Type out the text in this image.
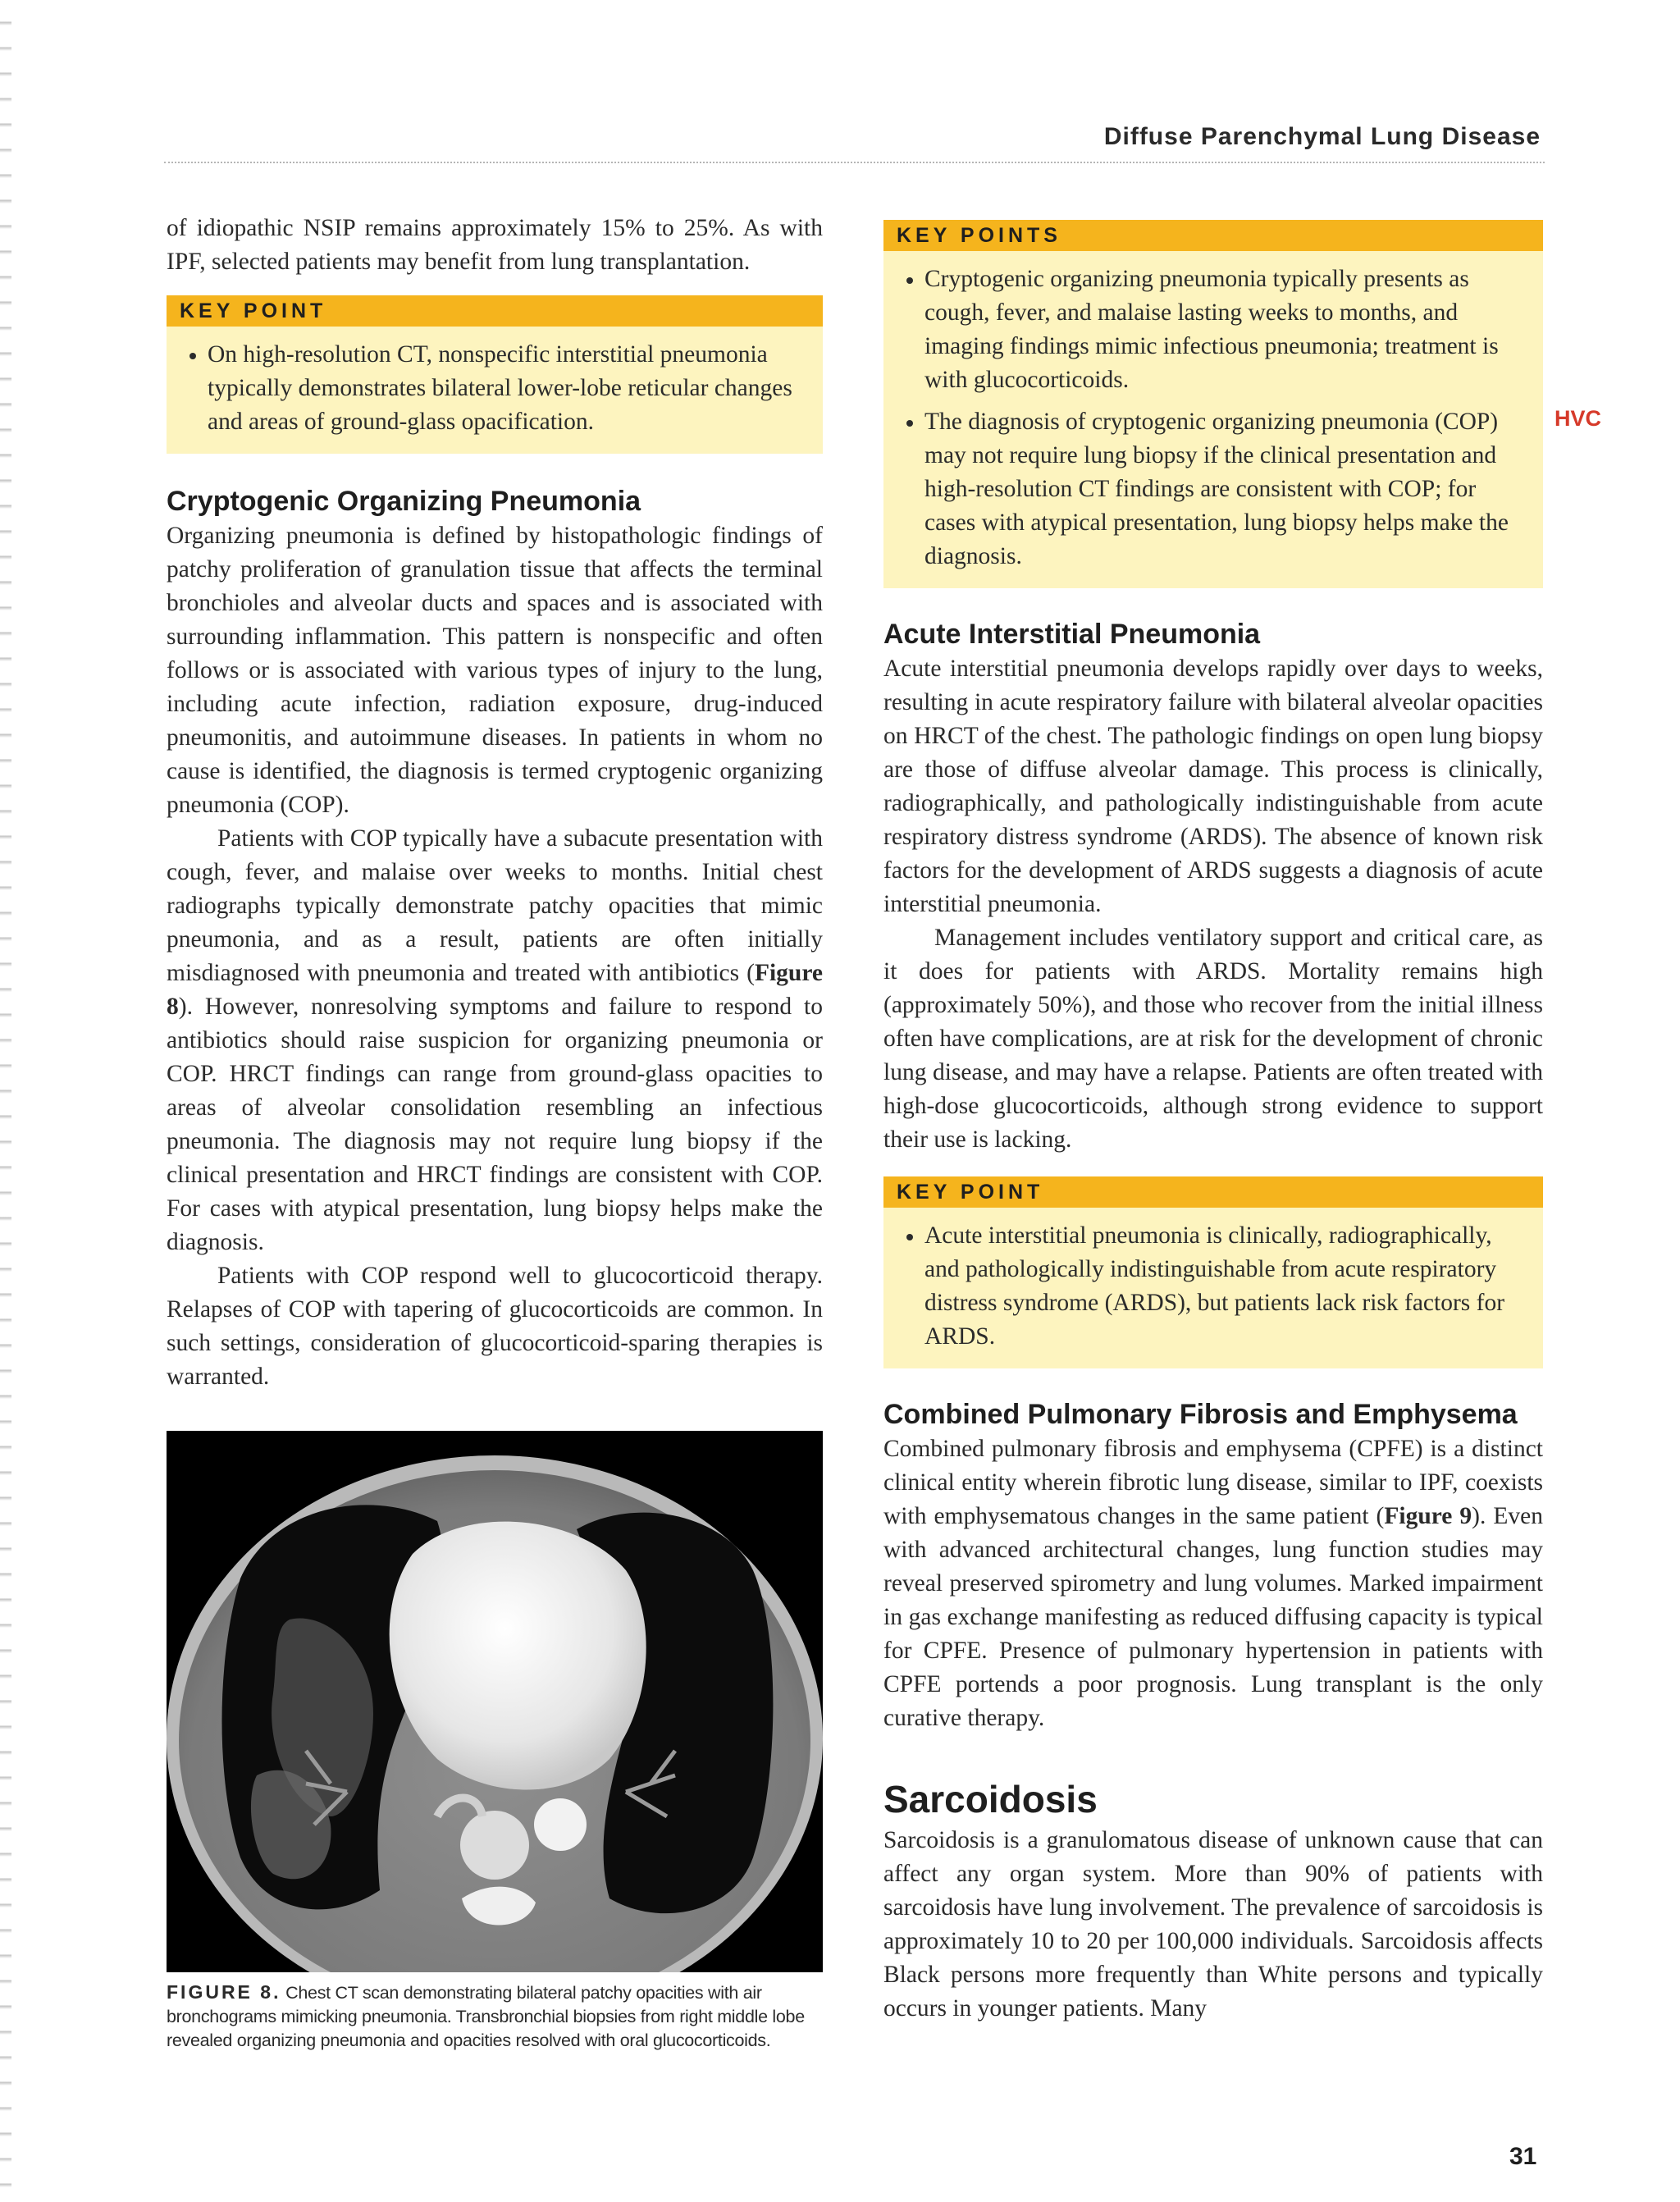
Diffuse Parenchymal Lung Disease

of idiopathic NSIP remains approximately 15% to 25%. As with IPF, selected patients may benefit from lung transplantation.

KEY POINT
• On high-resolution CT, nonspecific interstitial pneumonia typically demonstrates bilateral lower-lobe reticular changes and areas of ground-glass opacification.
Cryptogenic Organizing Pneumonia

Organizing pneumonia is defined by histopathologic findings of patchy proliferation of granulation tissue that affects the terminal bronchioles and alveolar ducts and spaces and is associated with surrounding inflammation. This pattern is nonspecific and often follows or is associated with various types of injury to the lung, including acute infection, radiation exposure, drug-induced pneumonitis, and autoimmune diseases. In patients in whom no cause is identified, the diagnosis is termed cryptogenic organizing pneumonia (COP).

Patients with COP typically have a subacute presentation with cough, fever, and malaise over weeks to months. Initial chest radiographs typically demonstrate patchy opacities that mimic pneumonia, and as a result, patients are often initially misdiagnosed with pneumonia and treated with antibiotics (Figure 8). However, nonresolving symptoms and failure to respond to antibiotics should raise suspicion for organizing pneumonia or COP. HRCT findings can range from ground-glass opacities to areas of alveolar consolidation resembling an infectious pneumonia. The diagnosis may not require lung biopsy if the clinical presentation and HRCT findings are consistent with COP. For cases with atypical presentation, lung biopsy helps make the diagnosis.

Patients with COP respond well to glucocorticoid therapy. Relapses of COP with tapering of glucocorticoids are common. In such settings, consideration of glucocorticoid-sparing therapies is warranted.

FIGURE 8. Chest CT scan demonstrating bilateral patchy opacities with air bronchograms mimicking pneumonia. Transbronchial biopsies from right middle lobe revealed organizing pneumonia and opacities resolved with oral glucocorticoids.
KEY POINTS
• Cryptogenic organizing pneumonia typically presents as cough, fever, and malaise lasting weeks to months, and imaging findings mimic infectious pneumonia; treatment is with glucocorticoids.
• The diagnosis of cryptogenic organizing pneumonia (COP) may not require lung biopsy if the clinical presentation and high-resolution CT findings are consistent with COP; for cases with atypical presentation, lung biopsy helps make the diagnosis.
Acute Interstitial Pneumonia

Acute interstitial pneumonia develops rapidly over days to weeks, resulting in acute respiratory failure with bilateral alveolar opacities on HRCT of the chest. The pathologic findings on open lung biopsy are those of diffuse alveolar damage. This process is clinically, radiographically, and pathologically indistinguishable from acute respiratory distress syndrome (ARDS). The absence of known risk factors for the development of ARDS suggests a diagnosis of acute interstitial pneumonia.

Management includes ventilatory support and critical care, as it does for patients with ARDS. Mortality remains high (approximately 50%), and those who recover from the initial illness often have complications, are at risk for the development of chronic lung disease, and may have a relapse. Patients are often treated with high-dose glucocorticoids, although strong evidence to support their use is lacking.

KEY POINT
• Acute interstitial pneumonia is clinically, radiographically, and pathologically indistinguishable from acute respiratory distress syndrome (ARDS), but patients lack risk factors for ARDS.
Combined Pulmonary Fibrosis and Emphysema

Combined pulmonary fibrosis and emphysema (CPFE) is a distinct clinical entity wherein fibrotic lung disease, similar to IPF, coexists with emphysematous changes in the same patient (Figure 9). Even with advanced architectural changes, lung function studies may reveal preserved spirometry and lung volumes. Marked impairment in gas exchange manifesting as reduced diffusing capacity is typical for CPFE. Presence of pulmonary hypertension in patients with CPFE portends a poor prognosis. Lung transplant is the only curative therapy.

Sarcoidosis

Sarcoidosis is a granulomatous disease of unknown cause that can affect any organ system. More than 90% of patients with sarcoidosis have lung involvement. The prevalence of sarcoidosis is approximately 10 to 20 per 100,000 individuals. Sarcoidosis affects Black persons more frequently than White persons and typically occurs in younger patients. Many

HVC
31
